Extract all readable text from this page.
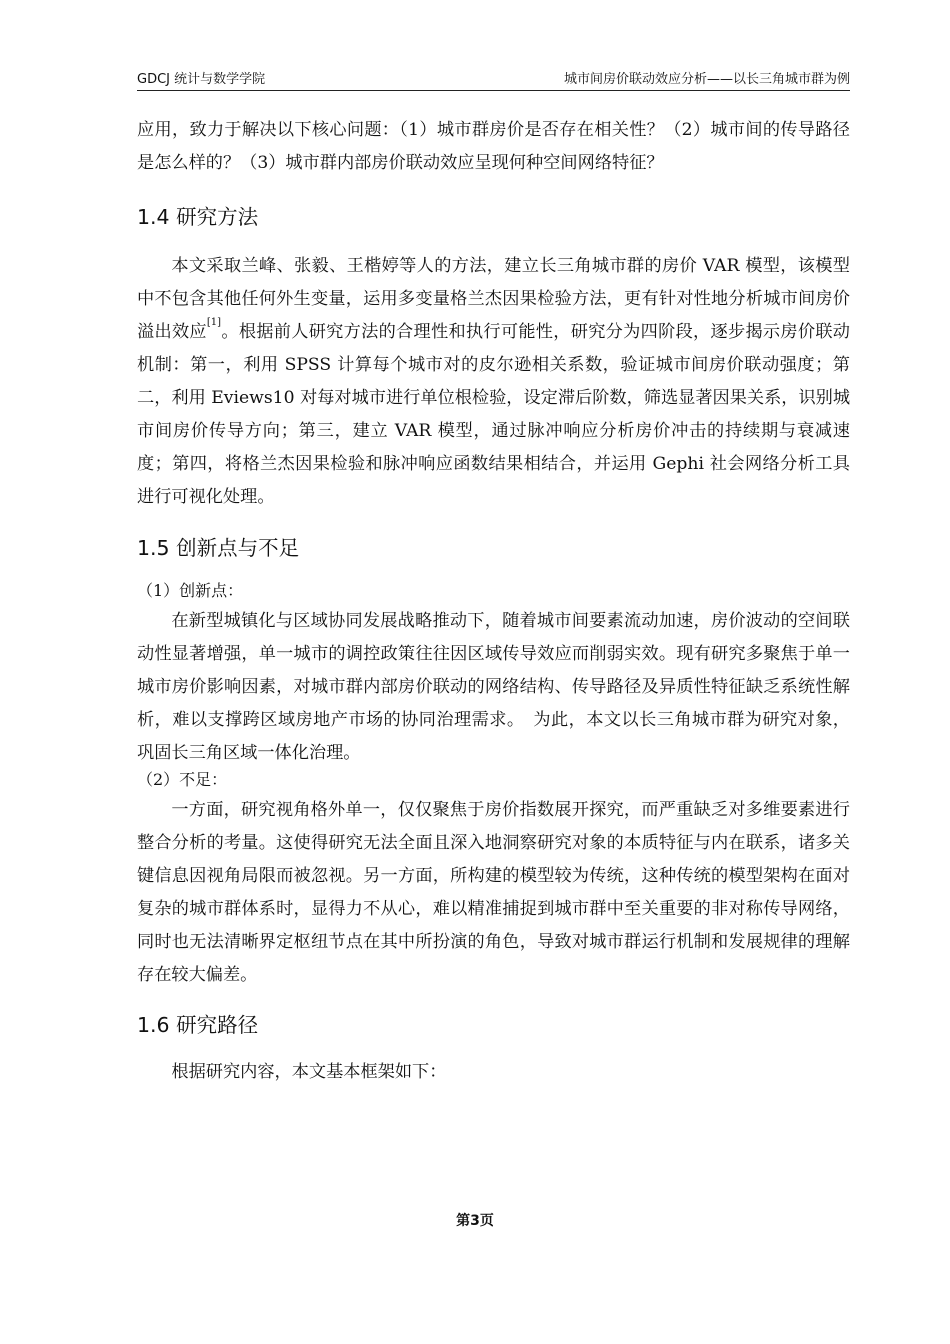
GDCJ 统计与数学学院	城市间房价联动效应分析——以长三角城市群为例

应用，致力于解决以下核心问题：（1）城市群房价是否存在相关性？（2）城市间的传导路径是怎么样的？（3）城市群内部房价联动效应呈现何种空间网络特征？

1.4 研究方法

本文采取兰峰、张毅、王楷婷等人的方法，建立长三角城市群的房价 VAR 模型，该模型中不包含其他任何外生变量，运用多变量格兰杰因果检验方法，更有针对性地分析城市间房价溢出效应[1]。根据前人研究方法的合理性和执行可能性，研究分为四阶段，逐步揭示房价联动机制：第一，利用 SPSS 计算每个城市对的皮尔逊相关系数，验证城市间房价联动强度；第二，利用 Eviews10 对每对城市进行单位根检验，设定滞后阶数，筛选显著因果关系，识别城市间房价传导方向；第三，建立 VAR 模型，通过脉冲响应分析房价冲击的持续期与衰减速度；第四，将格兰杰因果检验和脉冲响应函数结果相结合，并运用 Gephi 社会网络分析工具进行可视化处理。

1.5 创新点与不足

（1）创新点：

在新型城镇化与区域协同发展战略推动下，随着城市间要素流动加速，房价波动的空间联动性显著增强，单一城市的调控政策往往因区域传导效应而削弱实效。现有研究多聚焦于单一城市房价影响因素，对城市群内部房价联动的网络结构、传导路径及异质性特征缺乏系统性解析，难以支撑跨区域房地产市场的协同治理需求。　为此，本文以长三角城市群为研究对象，巩固长三角区域一体化治理。

（2）不足：

一方面，研究视角格外单一，仅仅聚焦于房价指数展开探究，而严重缺乏对多维要素进行整合分析的考量。这使得研究无法全面且深入地洞察研究对象的本质特征与内在联系，诸多关键信息因视角局限而被忽视。另一方面，所构建的模型较为传统，这种传统的模型架构在面对复杂的城市群体系时，显得力不从心，难以精准捕捉到城市群中至关重要的非对称传导网络，同时也无法清晰界定枢纽节点在其中所扮演的角色，导致对城市群运行机制和发展规律的理解存在较大偏差。

1.6 研究路径

根据研究内容，本文基本框架如下：

第3页
